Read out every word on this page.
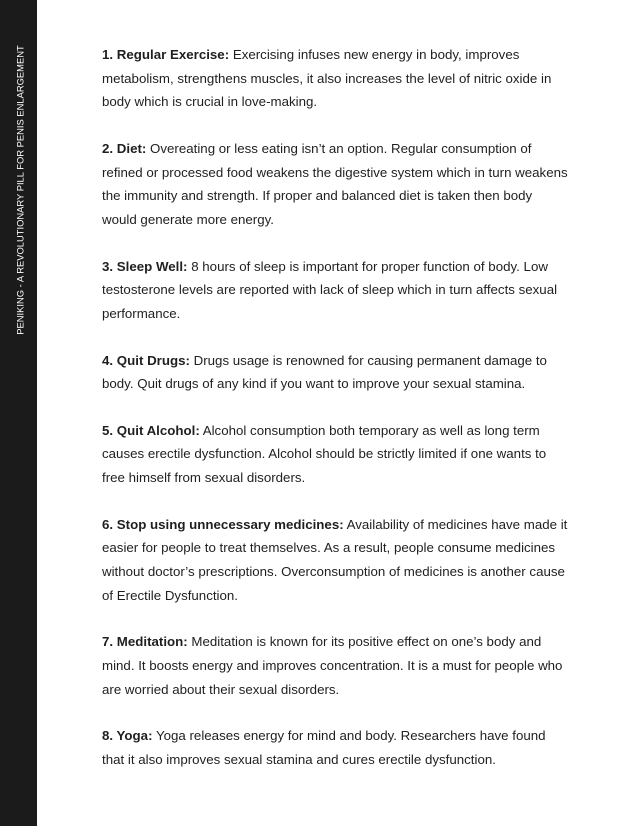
PENIKING - A REVOLUTIONARY PILL FOR PENIS ENLARGEMENT	1. Regular Exercise: Exercising infuses new energy in body, improves metabolism, strengthens muscles, it also increases the level of nitric oxide in body which is crucial in love-making.

2. Diet: Overeating or less eating isn’t an option. Regular consumption of refined or processed food weakens the digestive system which in turn weakens the immunity and strength. If proper and balanced diet is taken then body would generate more energy.

3. Sleep Well: 8 hours of sleep is important for proper function of body. Low testosterone levels are reported with lack of sleep which in turn affects sexual performance.

4. Quit Drugs: Drugs usage is renowned for causing permanent damage to body. Quit drugs of any kind if you want to improve your sexual stamina.

5. Quit Alcohol: Alcohol consumption both temporary as well as long term causes erectile dysfunction. Alcohol should be strictly limited if one wants to free himself from sexual disorders.

6. Stop using unnecessary medicines: Availability of medicines have made it easier for people to treat themselves. As a result, people consume medicines without doctor’s prescriptions. Overconsumption of medicines is another cause of Erectile Dysfunction.

7. Meditation: Meditation is known for its positive effect on one’s body and mind. It boosts energy and improves concentration. It is a must for people who are worried about their sexual disorders.

8. Yoga: Yoga releases energy for mind and body. Researchers have found that it also improves sexual stamina and cures erectile dysfunction.
